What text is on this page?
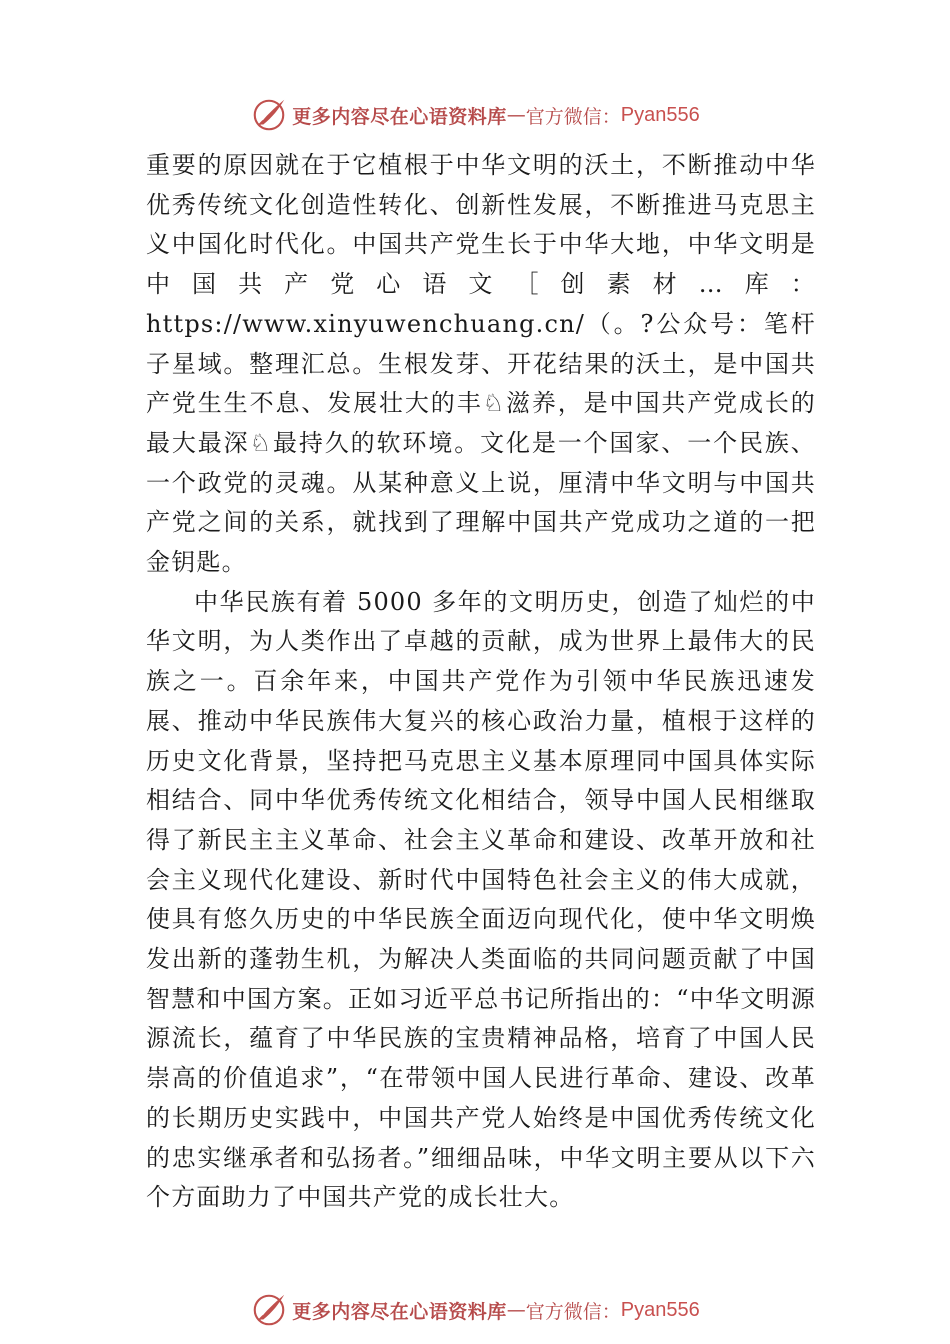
更多内容尽在心语资料库 — 官方微信： Pyan556

重要的原因就在于它植根于中华文明的沃土，不断推动中华优秀传统文化创造性转化、创新性发展，不断推进马克思主义中国化时代化。中国共产党生长于中华大地，中华文明是中国共产党心语文［创素材…库：https://www.xinyuwenchuang.cn/（。?公众号：笔杆子星域。整理汇总。生根发芽、开花结果的沃土，是中国共产党生生不息、发展壮大的丰♘滋养，是中国共产党成长的最大最深♘最持久的软环境。文化是一个国家、一个民族、一个政党的灵魂。从某种意义上说，厘清中华文明与中国共产党之间的关系，就找到了理解中国共产党成功之道的一把金钥匙。

中华民族有着 5000 多年的文明历史，创造了灿烂的中华文明，为人类作出了卓越的贡献，成为世界上最伟大的民族之一。百余年来，中国共产党作为引领中华民族迅速发展、推动中华民族伟大复兴的核心政治力量，植根于这样的历史文化背景，坚持把马克思主义基本原理同中国具体实际相结合、同中华优秀传统文化相结合，领导中国人民相继取得了新民主主义革命、社会主义革命和建设、改革开放和社会主义现代化建设、新时代中国特色社会主义的伟大成就，使具有悠久历史的中华民族全面迈向现代化，使中华文明焕发出新的蓬勃生机，为解决人类面临的共同问题贡献了中国智慧和中国方案。正如习近平总书记所指出的：“中华文明源源流长，蕴育了中华民族的宝贵精神品格，培育了中国人民崇高的价值追求”，“在带领中国人民进行革命、建设、改革的长期历史实践中，中国共产党人始终是中国优秀传统文化的忠实继承者和弘扬者。”细细品味，中华文明主要从以下六个方面助力了中国共产党的成长壮大。

更多内容尽在心语资料库 — 官方微信： Pyan556
